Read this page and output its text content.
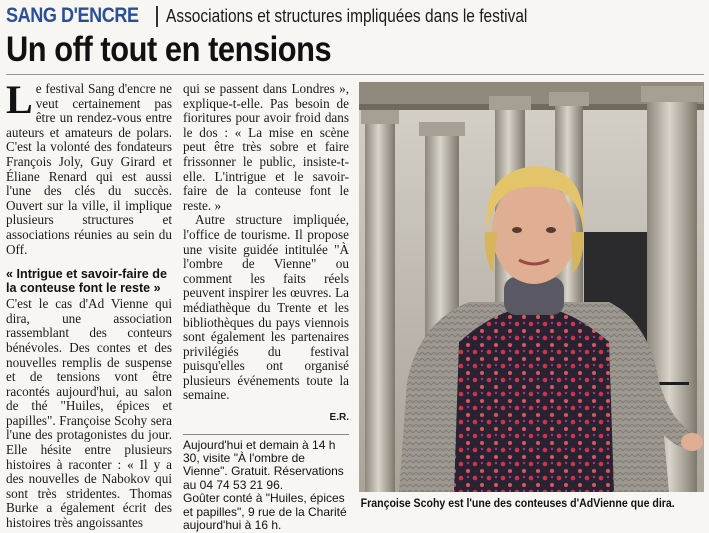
SANG D'ENCRE Associations et structures impliquées dans le festival
Un off tout en tensions

Le festival Sang d'encre ne veut certainement pas être un rendez-vous entre auteurs et amateurs de polars. C'est la volonté des fondateurs François Joly, Guy Girard et Éliane Renard qui est aussi l'une des clés du succès. Ouvert sur la ville, il implique plusieurs structures et associations réunies au sein du Off.

« Intrigue et savoir-faire de la conteuse font le reste »

C'est le cas d'Ad Vienne qui dira, une association rassemblant des conteurs bénévoles. Des contes et des nouvelles remplis de suspense et de tensions vont être racontés aujourd'hui, au salon de thé "Huiles, épices et papilles". Françoise Scohy sera l'une des protagonistes du jour. Elle hésite entre plusieurs histoires à raconter : « Il y a des nouvelles de Nabokov qui sont très stridentes. Thomas Burke a également écrit des histoires très angoissantes

qui se passent dans Londres », explique-t-elle. Pas besoin de fioritures pour avoir froid dans le dos : « La mise en scène peut être très sobre et faire frissonner le public, insiste-t-elle. L'intrigue et le savoir-faire de la conteuse font le reste. »

Autre structure impliquée, l'office de tourisme. Il propose une visite guidée intitulée "À l'ombre de Vienne" ou comment les faits réels peuvent inspirer les œuvres. La médiathèque du Trente et les bibliothèques du pays viennois sont également les partenaires privilégiés du festival puisqu'elles ont organisé plusieurs événements toute la semaine.

E.R.
Aujourd'hui et demain à 14 h 30, visite "À l'ombre de Vienne". Gratuit. Réservations au 04 74 53 21 96.
Goûter conté à "Huiles, épices et papilles", 9 rue de la Charité aujourd'hui à 16 h.
Françoise Scohy est l'une des conteuses d'AdVienne que dira.
